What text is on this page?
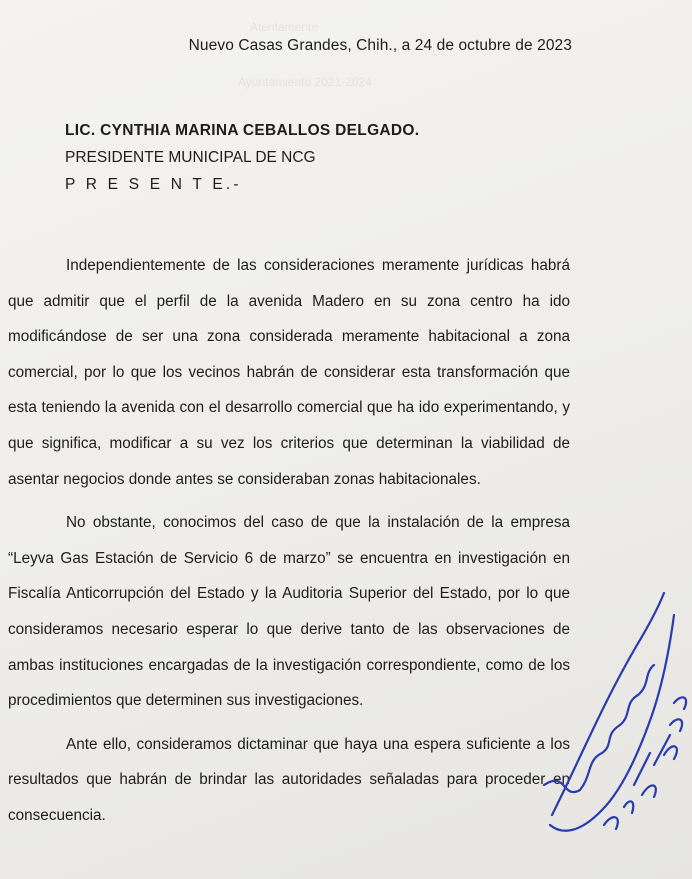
Atentamente
Ayuntamiento 2021-2024
Nuevo Casas Grandes, Chih., a 24 de octubre de 2023
LIC. CYNTHIA MARINA CEBALLOS DELGADO.
PRESIDENTE MUNICIPAL DE NCG
P R E S E N T E.-

Independientemente de las consideraciones meramente jurídicas habrá que admitir que el perfil de la avenida Madero en su zona centro ha ido modificándose de ser una zona considerada meramente habitacional a zona comercial, por lo que los vecinos habrán de considerar esta transformación que esta teniendo la avenida con el desarrollo comercial que ha ido experimentando, y que significa, modificar a su vez los criterios que determinan la viabilidad de asentar negocios donde antes se consideraban zonas habitacionales.

No obstante, conocimos del caso de que la instalación de la empresa “Leyva Gas Estación de Servicio 6 de marzo” se encuentra en investigación en Fiscalía Anticorrupción del Estado y la Auditoria Superior del Estado, por lo que consideramos necesario esperar lo que derive tanto de las observaciones de ambas instituciones encargadas de la investigación correspondiente, como de los procedimientos que determinen sus investigaciones.

Ante ello, consideramos dictaminar que haya una espera suficiente a los resultados que habrán de brindar las autoridades señaladas para proceder en consecuencia.
